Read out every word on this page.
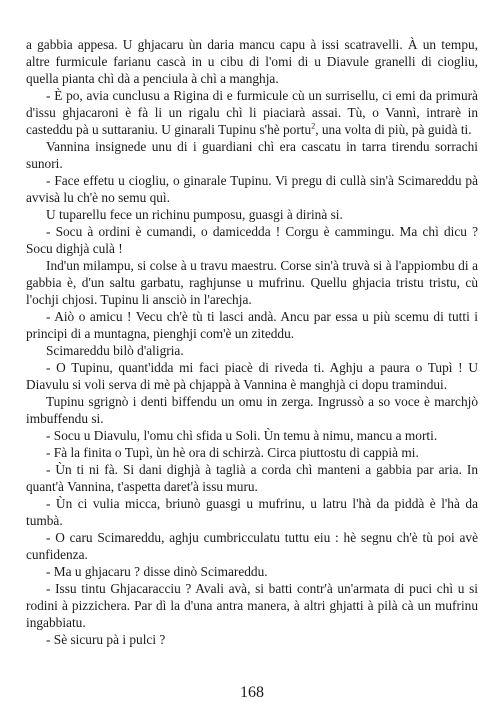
a gabbia appesa. U ghjacaru ùn daria mancu capu à issi scatravelli. À un tempu, altre furmicule farianu cascà in u cibu di l'omi di u Diavule granelli di ciogliu, quella pianta chì dà a penciula à chì a manghja.

- È po, avia cunclusu a Rigina di e furmicule cù un surrisellu, ci emi da primurà d'issu ghjacaroni è fà li un rigalu chì li piaciarà assai. Tù, o Vannì, intrarè in casteddu pà u suttaraniu. U ginarali Tupinu s'hè portu$^2$, una volta di più, pà guidà ti.

Vannina insignede unu di i guardiani chì era cascatu in tarra tirendu sorrachi sunori.

- Face effetu u ciogliu, o ginarale Tupinu. Vi pregu di cullà sin'à Scimareddu pà avvisà lu ch'è no semu quì.

U tuparellu fece un richinu pumposu, guasgi à dirinà si.

- Socu à ordini è cumandi, o damicedda ! Corgu è cammingu. Ma chì dicu ? Socu dighjà culà !

Ind'un milampu, si colse à u travu maestru. Corse sin'à truvà si à l'appiombu di a gabbia è, d'un saltu garbatu, raghjunse u mufrinu. Quellu ghjacia tristu tristu, cù l'ochji chjosi. Tupinu li ansciò in l'arechja.

- Aiò o amicu ! Vecu ch'è tù ti lasci andà. Ancu par essa u più scemu di tutti i principi di a muntagna, pienghji com'è un ziteddu.

Scimareddu bilò d'aligria.

- O Tupinu, quant'idda mi faci piacè di riveda ti. Aghju a paura o Tupì ! U Diavulu si voli serva di mè pà chjappà à Vannina è manghjà ci dopu tramindui.

Tupinu sgrignò i denti biffendu un omu in zerga. Ingrussò a so voce è marchjò imbuffendu si.

- Socu u Diavulu, l'omu chì sfida u Soli. Ùn temu à nimu, mancu a morti.

- Fà la finita o Tupì, ùn hè ora di schirzà. Circa piuttostu di cappià mi.

- Ùn ti ni fà. Si dani dighjà à taglià a corda chì manteni a gabbia par aria. In quant'à Vannina, t'aspetta daret'à issu muru.

- Ùn ci vulia micca, briunò guasgi u mufrinu, u latru l'hà da piddà è l'hà da tumbà.

- O caru Scimareddu, aghju cumbricculatu tuttu eiu : hè segnu ch'è tù poi avè cunfidenza.

- Ma u ghjacaru ? disse dinò Scimareddu.

- Issu tintu Ghjacaracciu ? Avali avà, si batti contr'à un'armata di puci chì u si rodini à pizzichera. Par dì la d'una antra manera, à altri ghjatti à pilà cà un mufrinu ingabbiatu.

- Sè sicuru pà i pulci ?

168
